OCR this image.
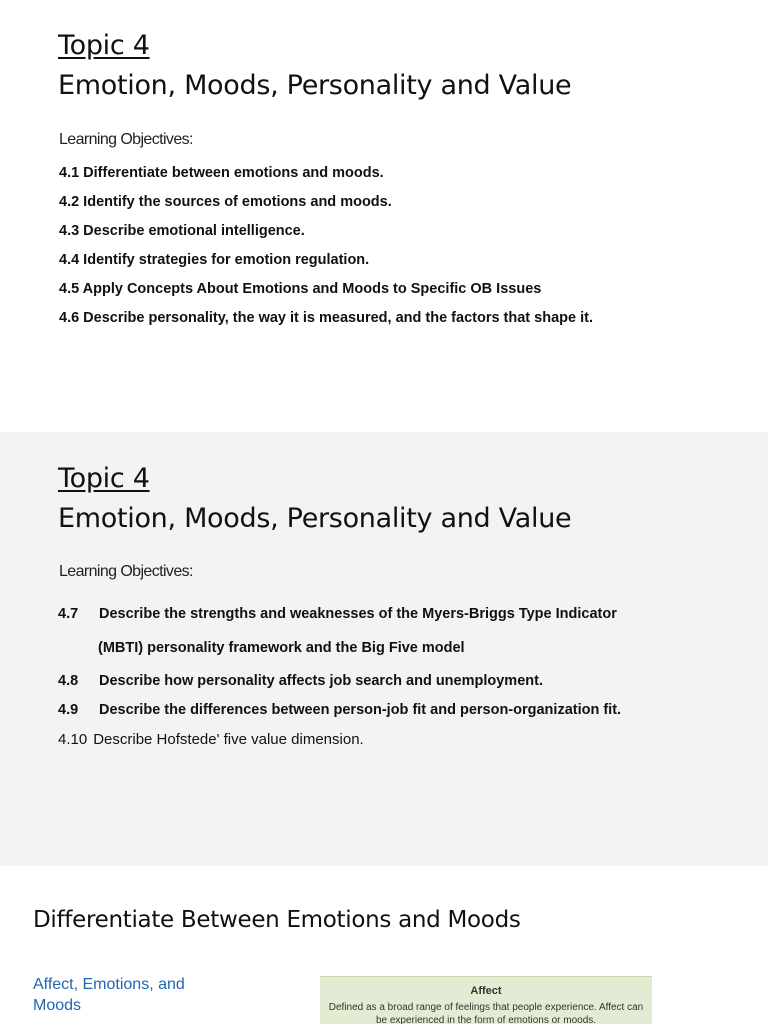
Topic 4
Emotion, Moods, Personality and Value
Learning Objectives:
4.1 Differentiate between emotions and moods.
4.2 Identify the sources of emotions and moods.
4.3 Describe emotional intelligence.
4.4 Identify strategies for emotion regulation.
4.5 Apply Concepts About Emotions and Moods to Specific OB Issues
4.6 Describe personality, the way it is measured, and the factors that shape it.
Topic 4
Emotion, Moods, Personality and Value
Learning Objectives:
4.7 Describe the strengths and weaknesses of the Myers-Briggs Type Indicator
(MBTI) personality framework and the Big Five model
4.8 Describe how personality affects job search and unemployment.
4.9 Describe the differences between person-job fit and person-organization fit.
4.10 Describe Hofstede' five value dimension.
Differentiate Between Emotions and Moods
Affect, Emotions, and Moods
Affect
Defined as a broad range of feelings that people experience. Affect can be experienced in the form of emotions or moods.
